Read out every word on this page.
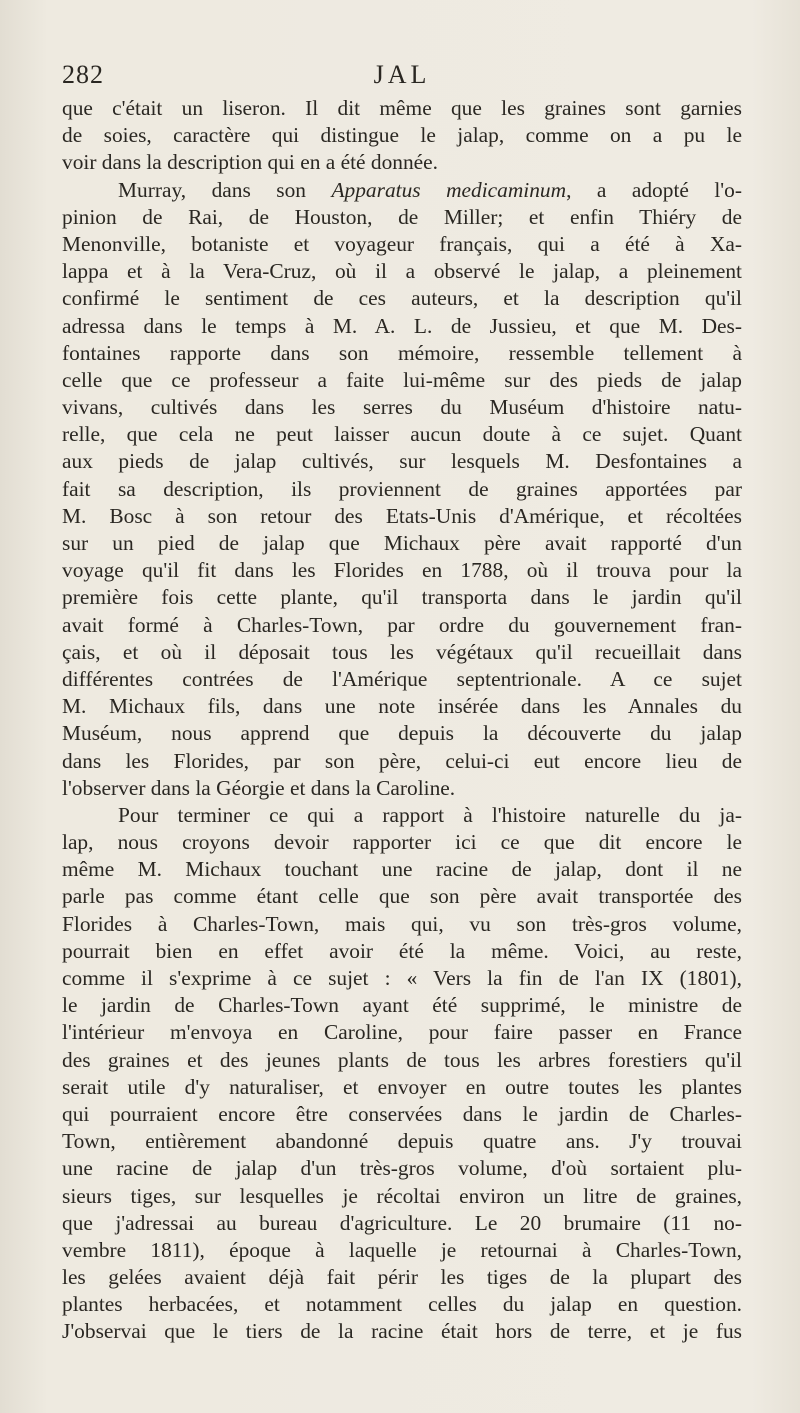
282	JAL
que c'était un liseron. Il dit même que les graines sont garnies
de soies, caractère qui distingue le jalap, comme on a pu le
voir dans la description qui en a été donnée.
Murray, dans son Apparatus medicaminum, a adopté l'o-
pinion de Rai, de Houston, de Miller; et enfin Thiéry de
Menonville, botaniste et voyageur français, qui a été à Xa-
lappa et à la Vera-Cruz, où il a observé le jalap, a pleinement
confirmé le sentiment de ces auteurs, et la description qu'il
adressa dans le temps à M. A. L. de Jussieu, et que M. Des-
fontaines rapporte dans son mémoire, ressemble tellement à
celle que ce professeur a faite lui-même sur des pieds de jalap
vivans, cultivés dans les serres du Muséum d'histoire natu-
relle, que cela ne peut laisser aucun doute à ce sujet. Quant
aux pieds de jalap cultivés, sur lesquels M. Desfontaines a
fait sa description, ils proviennent de graines apportées par
M. Bosc à son retour des Etats-Unis d'Amérique, et récoltées
sur un pied de jalap que Michaux père avait rapporté d'un
voyage qu'il fit dans les Florides en 1788, où il trouva pour la
première fois cette plante, qu'il transporta dans le jardin qu'il
avait formé à Charles-Town, par ordre du gouvernement fran-
çais, et où il déposait tous les végétaux qu'il recueillait dans
différentes contrées de l'Amérique septentrionale. A ce sujet
M. Michaux fils, dans une note insérée dans les Annales du
Muséum, nous apprend que depuis la découverte du jalap
dans les Florides, par son père, celui-ci eut encore lieu de
l'observer dans la Géorgie et dans la Caroline.
Pour terminer ce qui a rapport à l'histoire naturelle du ja-
lap, nous croyons devoir rapporter ici ce que dit encore le
même M. Michaux touchant une racine de jalap, dont il ne
parle pas comme étant celle que son père avait transportée des
Florides à Charles-Town, mais qui, vu son très-gros volume,
pourrait bien en effet avoir été la même. Voici, au reste,
comme il s'exprime à ce sujet : « Vers la fin de l'an IX (1801),
le jardin de Charles-Town ayant été supprimé, le ministre de
l'intérieur m'envoya en Caroline, pour faire passer en France
des graines et des jeunes plants de tous les arbres forestiers qu'il
serait utile d'y naturaliser, et envoyer en outre toutes les plantes
qui pourraient encore être conservées dans le jardin de Charles-
Town, entièrement abandonné depuis quatre ans. J'y trouvai
une racine de jalap d'un très-gros volume, d'où sortaient plu-
sieurs tiges, sur lesquelles je récoltai environ un litre de graines,
que j'adressai au bureau d'agriculture. Le 20 brumaire (11 no-
vembre 1811), époque à laquelle je retournai à Charles-Town,
les gelées avaient déjà fait périr les tiges de la plupart des
plantes herbacées, et notamment celles du jalap en question.
J'observai que le tiers de la racine était hors de terre, et je fus
